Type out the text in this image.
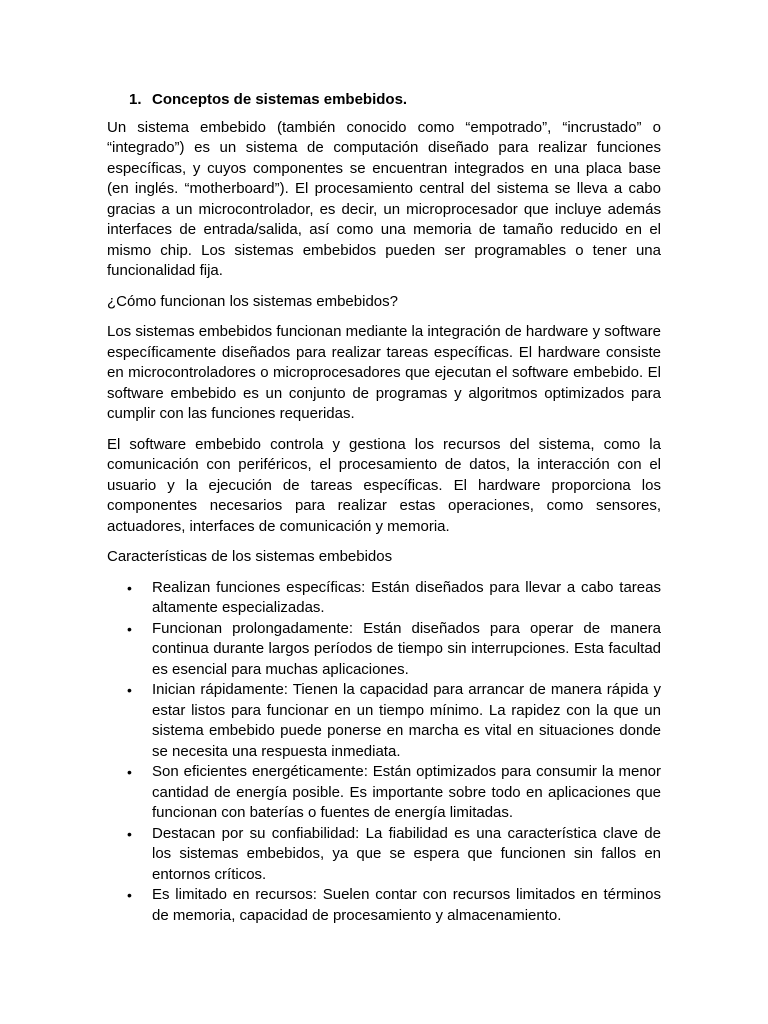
1. Conceptos de sistemas embebidos.

Un sistema embebido (también conocido como “empotrado”, “incrustado” o “integrado”) es un sistema de computación diseñado para realizar funciones específicas, y cuyos componentes se encuentran integrados en una placa base (en inglés. “motherboard”). El procesamiento central del sistema se lleva a cabo gracias a un microcontrolador, es decir, un microprocesador que incluye además interfaces de entrada/salida, así como una memoria de tamaño reducido en el mismo chip. Los sistemas embebidos pueden ser programables o tener una funcionalidad fija.

¿Cómo funcionan los sistemas embebidos?

Los sistemas embebidos funcionan mediante la integración de hardware y software específicamente diseñados para realizar tareas específicas. El hardware consiste en microcontroladores o microprocesadores que ejecutan el software embebido. El software embebido es un conjunto de programas y algoritmos optimizados para cumplir con las funciones requeridas.

El software embebido controla y gestiona los recursos del sistema, como la comunicación con periféricos, el procesamiento de datos, la interacción con el usuario y la ejecución de tareas específicas. El hardware proporciona los componentes necesarios para realizar estas operaciones, como sensores, actuadores, interfaces de comunicación y memoria.

Características de los sistemas embebidos

• Realizan funciones específicas: Están diseñados para llevar a cabo tareas altamente especializadas.
• Funcionan prolongadamente: Están diseñados para operar de manera continua durante largos períodos de tiempo sin interrupciones. Esta facultad es esencial para muchas aplicaciones.
• Inician rápidamente: Tienen la capacidad para arrancar de manera rápida y estar listos para funcionar en un tiempo mínimo. La rapidez con la que un sistema embebido puede ponerse en marcha es vital en situaciones donde se necesita una respuesta inmediata.
• Son eficientes energéticamente: Están optimizados para consumir la menor cantidad de energía posible. Es importante sobre todo en aplicaciones que funcionan con baterías o fuentes de energía limitadas.
• Destacan por su confiabilidad: La fiabilidad es una característica clave de los sistemas embebidos, ya que se espera que funcionen sin fallos en entornos críticos.
• Es limitado en recursos: Suelen contar con recursos limitados en términos de memoria, capacidad de procesamiento y almacenamiento.
